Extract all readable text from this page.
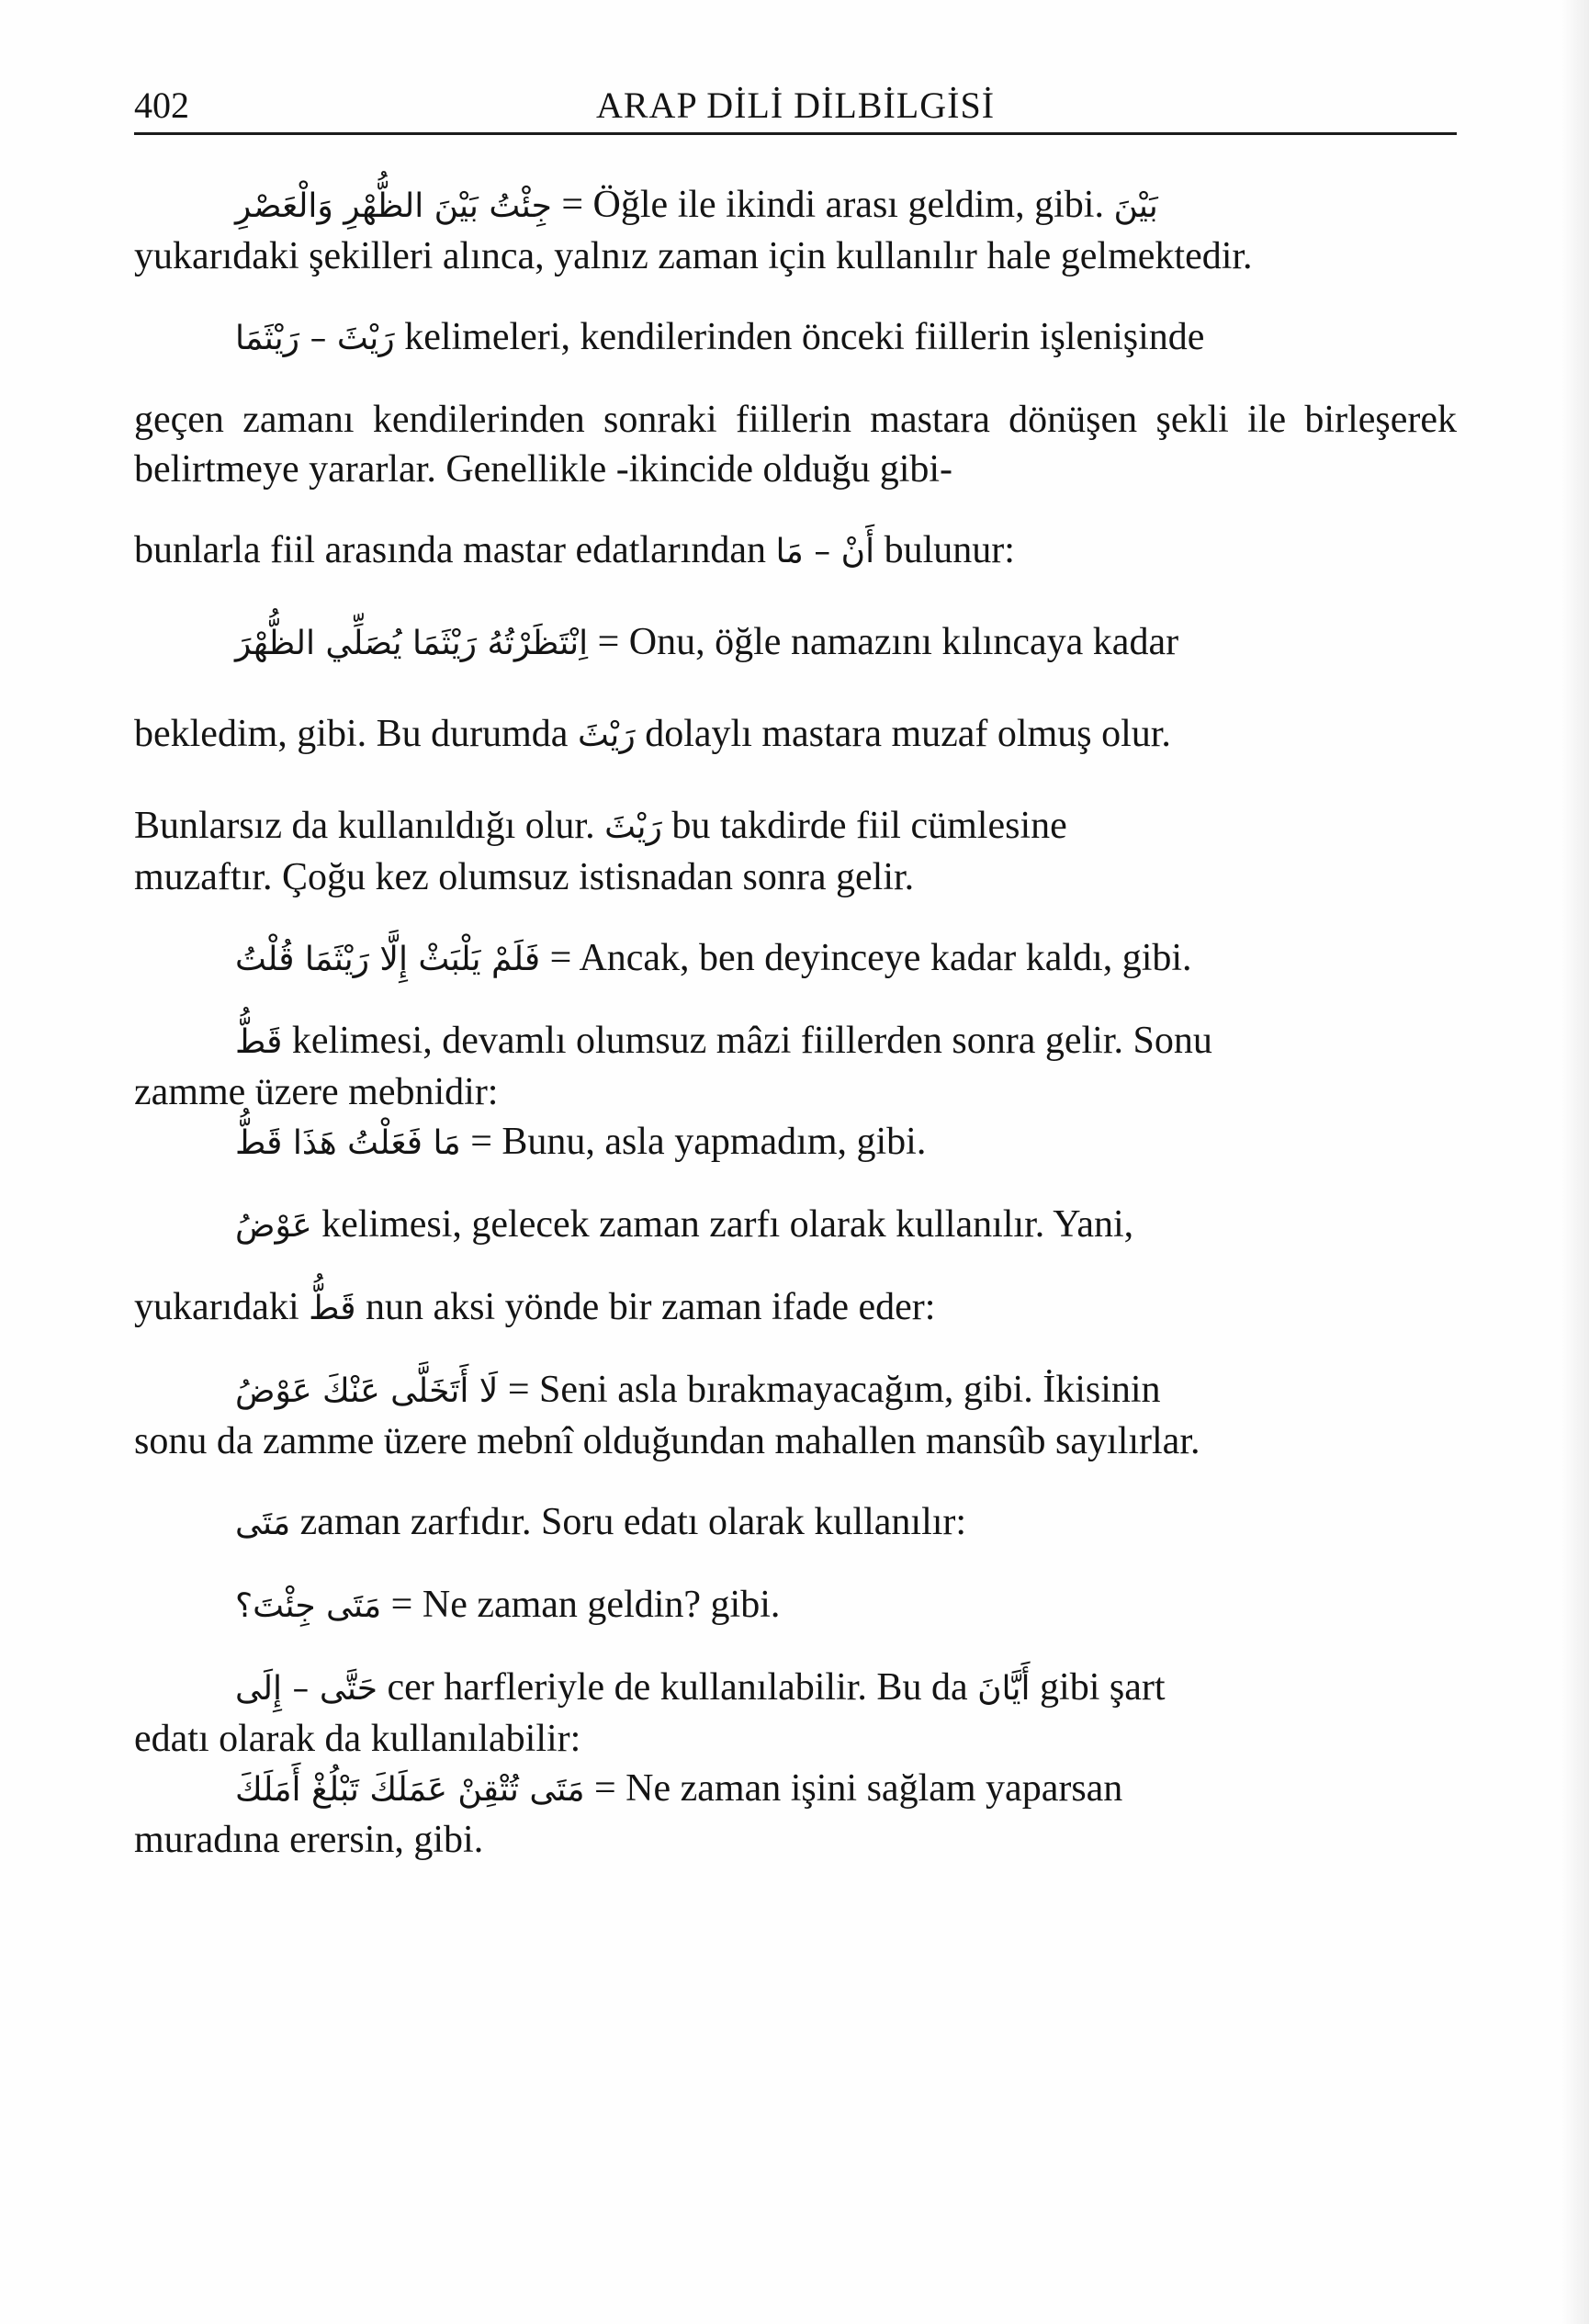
402	ARAP DİLİ DİLBİLGİSİ

جِئْتُ بَيْنَ الظُّهْرِ وَالْعَصْرِ = Öğle ile ikindi arası geldim, gibi. بَيْنَ

yukarıdaki şekilleri alınca, yalnız zaman için kullanılır hale gelmektedir.

رَيْثَ – رَيْثَمَا kelimeleri, kendilerinden önceki fiillerin işlenişinde

geçen zamanı kendilerinden sonraki fiillerin mastara dönüşen şekli ile birleşerek belirtmeye yararlar. Genellikle -ikincide olduğu gibi-

bunlarla fiil arasında mastar edatlarından أَنْ – مَا bulunur:

اِنْتَظَرْتُهُ رَيْثَمَا يُصَلِّي الظُّهْرَ = Onu, öğle namazını kılıncaya kadar

bekledim, gibi. Bu durumda رَيْثَ dolaylı mastara muzaf olmuş olur.

Bunlarsız da kullanıldığı olur. رَيْثَ bu takdirde fiil cümlesine

muzaftır. Çoğu kez olumsuz istisnadan sonra gelir.

فَلَمْ يَلْبَثْ إِلَّا رَيْثَمَا قُلْتُ = Ancak, ben deyinceye kadar kaldı, gibi.

قَطُّ kelimesi, devamlı olumsuz mâzi fiillerden sonra gelir. Sonu

zamme üzere mebnidir:

مَا فَعَلْتُ هَذَا قَطُّ = Bunu, asla yapmadım, gibi.

عَوْضُ kelimesi, gelecek zaman zarfı olarak kullanılır. Yani,

yukarıdaki قَطُّ nun aksi yönde bir zaman ifade eder:

لَا أَتَخَلَّى عَنْكَ عَوْضُ = Seni asla bırakmayacağım, gibi. İkisinin

sonu da zamme üzere mebnî olduğundan mahallen mansûb sayılırlar.

مَتَى zaman zarfıdır. Soru edatı olarak kullanılır:

مَتَى جِئْتَ؟ = Ne zaman geldin? gibi.

حَتَّى – إِلَى cer harfleriyle de kullanılabilir. Bu da أَيَّانَ gibi şart

edatı olarak da kullanılabilir:

مَتَى تُتْقِنْ عَمَلَكَ تَبْلُغْ أَمَلَكَ = Ne zaman işini sağlam yaparsan

muradına erersin, gibi.
